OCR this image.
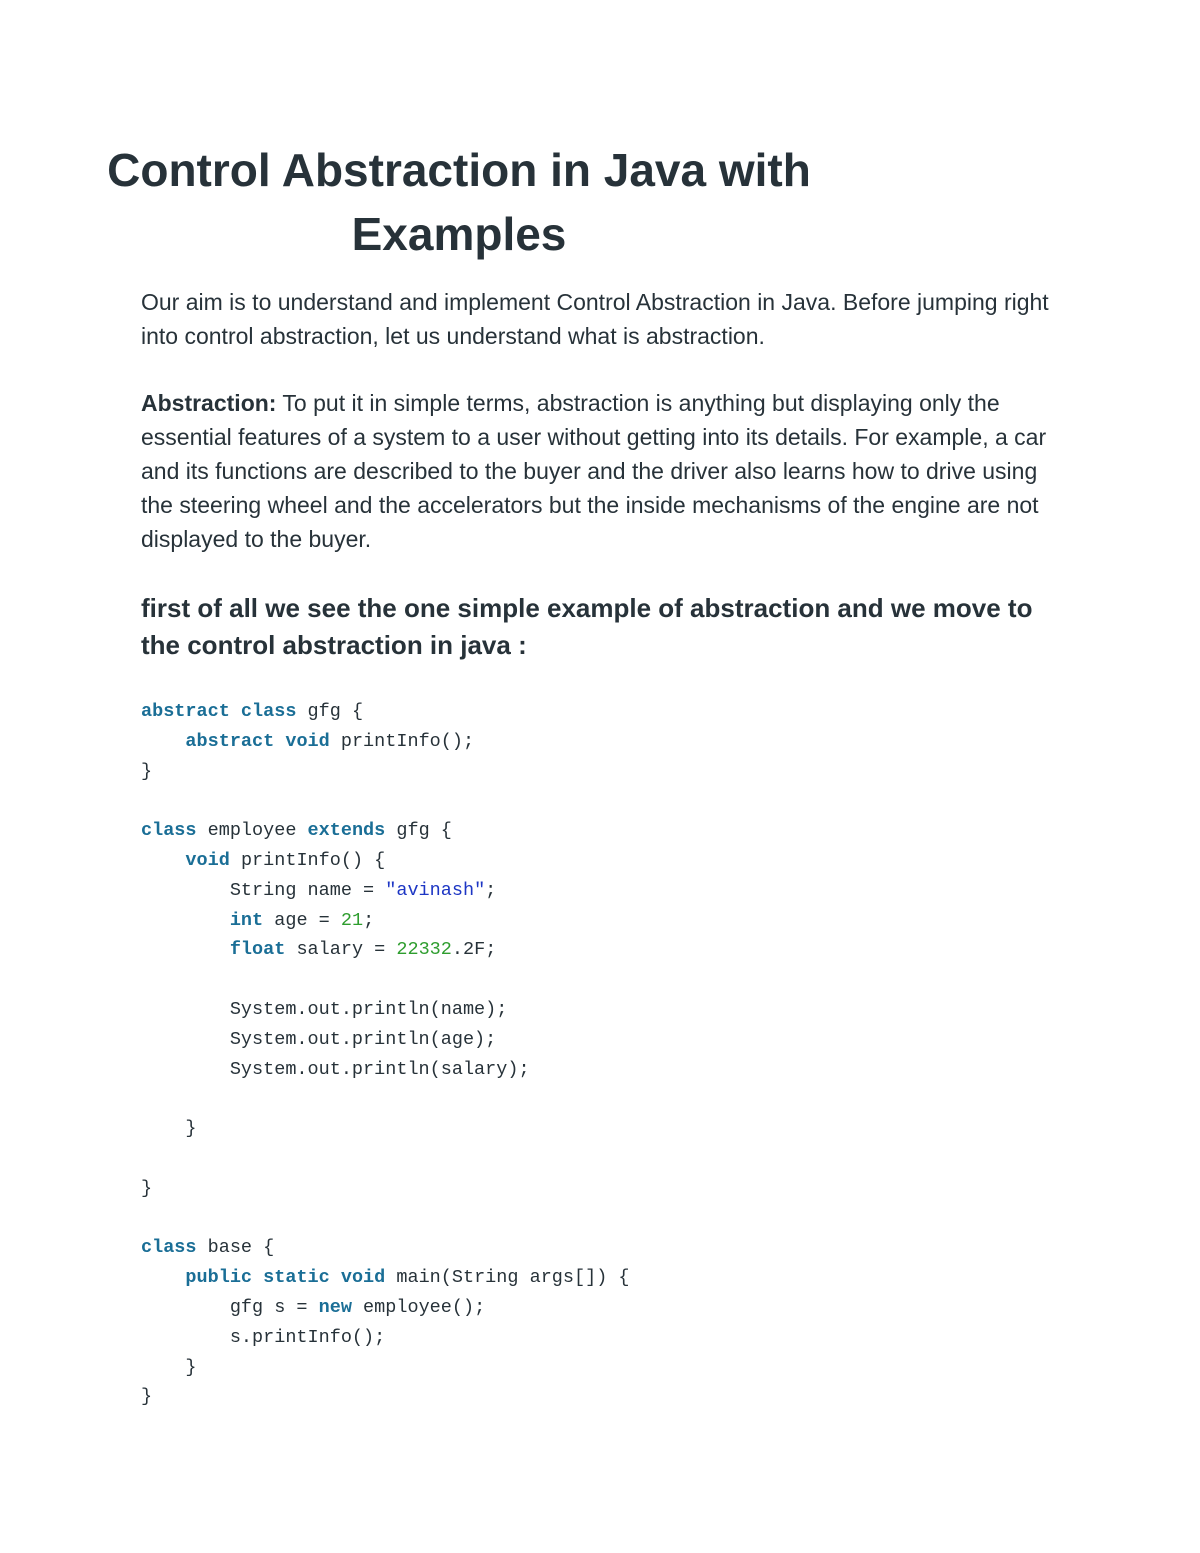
Control Abstraction in Java with
Examples

Our aim is to understand and implement Control Abstraction in Java. Before jumping right into control abstraction, let us understand what is abstraction.

Abstraction: To put it in simple terms, abstraction is anything but displaying only the essential features of a system to a user without getting into its details. For example, a car and its functions are described to the buyer and the driver also learns how to drive using the steering wheel and the accelerators but the inside mechanisms of the engine are not displayed to the buyer.

first of all we see the one simple example of abstraction and we move to the control abstraction in java :
abstract class gfg {
abstract void printInfo();
}
class employee extends gfg {
void printInfo() {
String name = "avinash";
int age = 21;
float salary = 22332.2F;
System.out.println(name);
System.out.println(age);
System.out.println(salary);
}
}
class base {
public static void main(String args[]) {
gfg s = new employee();
s.printInfo();
}
}
